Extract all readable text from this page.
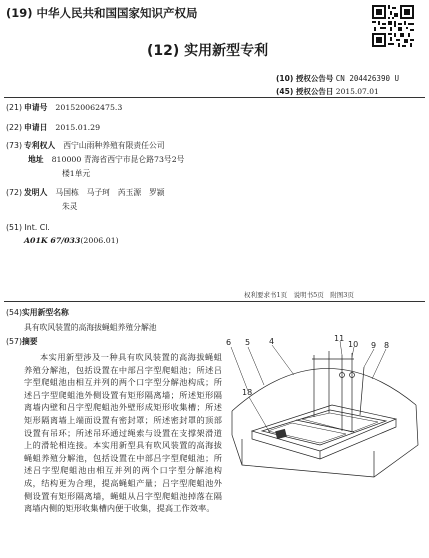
(19) 中华人民共和国国家知识产权局
(12) 实用新型专利
(10) 授权公告号 CN 204426390 U
(45) 授权公告日 2015.07.01
(21) 申请号 201520062475.3
(22) 申请日 2015.01.29
(73) 专利权人 西宁山雨种养殖有限责任公司
地址 810000 青海省西宁市昆仑路73号2号
楼1单元
(72) 发明人 马国栋　马子珂　芮玉源　罗颍
朱灵
(51) Int. Cl.
A01K 67/033(2006.01)
权利要求书1页　说明书5页　附图3页
(54)实用新型名称
具有吹风装置的高海拔蝇蛆养殖分解池
(57)摘要
本实用新型涉及一种具有吹风装置的高海拔蝇蛆养殖分解池，包括设置在中部吕字型爬蛆池；所述吕字型爬蛆池由相互并列的两个口字型分解池构成；所述吕字型爬蛆池外侧设置有矩形隔离墙；所述矩形隔离墙内壁和吕字型爬蛆池外壁形成矩形收集槽；所述矩形隔离墙上端面设置有密封罩；所述密封罩的顶部设置有吊环；所述吊环通过绳索与设置在支撑架滑道上的滑轮相连接。本实用新型具有吹风装置的高海拔蝇蛆养殖分解池，包括设置在中部吕字型爬蛆池；所述吕字型爬蛆池由相互并列的两个口字型分解池构成，结构更为合理，提高蝇蛆产量；吕字型爬蛆池外侧设置有矩形隔离墙，蝇蛆从吕字型爬蛆池掉落在隔离墙内侧的矩形收集槽内便于收集，提高工作效率。
6 5 4	11
10 9 8
18
